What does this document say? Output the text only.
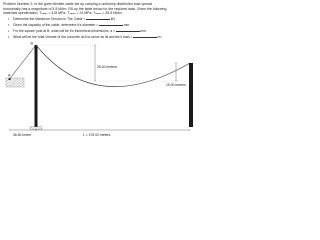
Problem Number 2: In the given flexible cable set up carrying a uniformly distributed load spread

horizontally has a magnitude of 5.5 kN/m. Fill-up the table below for the required data. Given the following

materials specification, Tₐₘₐₓ = 415 MPa, Tₐₘₐₓ = 24 MPa, Tₐₘₐₓ = 25.5 kN/m³

•	Determine the Maximum Tension in The Cable =	kN
•	Given the capacity of the cable, determine it's diameter =	mm
•	For the square post at B, what will be it's theoretical dimensions, a =	mm
•	What will be the total Volume of the concrete at A to serve as its anchor's load =	m³
A
B
25.00 meters
15.00 meters
36.80 meter	L = 375.00 meters
